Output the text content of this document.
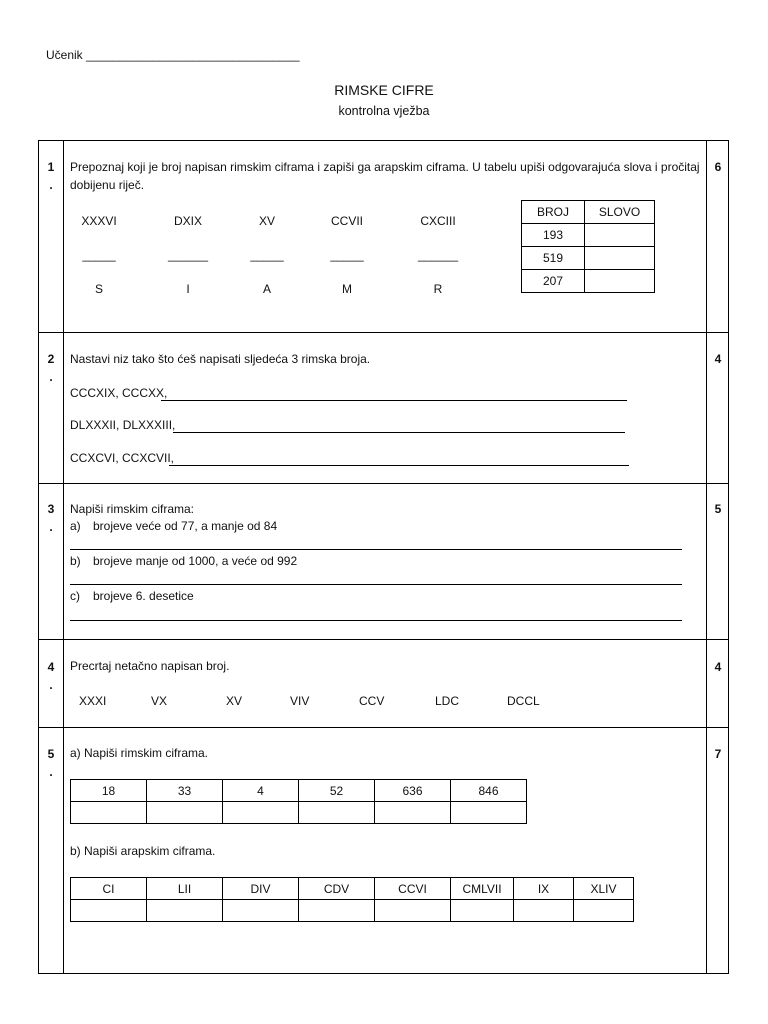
Učenik ________________________________
RIMSKE CIFRE
kontrolna vježba
1
.
6
Prepoznaj koji je broj napisan rimskim ciframa i zapiši ga arapskim ciframa. U tabelu upiši odgovarajuća slova i pročitaj dobijenu riječ.
XXXVI	DXIX	XV	CCVII	CXCIII
_____	______	_____	_____	______
S	I	A	M	R
BROJ	SLOVO
193	
519	
207	
2
.
4
Nastavi niz tako što ćeš napisati sljedeća 3 rimska broja.
CCCXIX, CCCXX,
DLXXXII, DLXXXIII,
CCXCVI, CCXCVII,
3
.
5
Napiši rimskim ciframa:
a) brojeve veće od 77, a manje od 84
b) brojeve manje od 1000, a veće od 992
c) brojeve 6. desetice
4
.
4
Precrtaj netačno napisan broj.
XXXI	VX	XV	VIV	CCV	LDC	DCCL
5
.
7
a) Napiši rimskim ciframa.
18	33	4	52	636	846

b) Napiši arapskim ciframa.
CI	LII	DIV	CDV	CCVI	CMLVII	IX	XLIV
